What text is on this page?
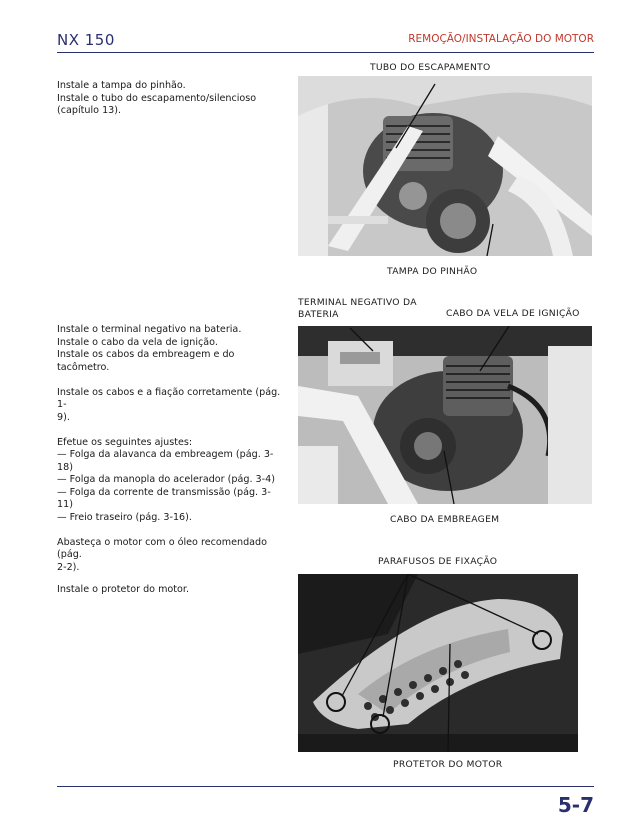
NX 150	REMOÇÃO/INSTALAÇÃO DO MOTOR
Instale a tampa do pinhão.
Instale o tubo do escapamento/silencioso
(capítulo 13).
TUBO DO ESCAPAMENTO
TAMPA DO PINHÃO
Instale o terminal negativo na bateria.
Instale o cabo da vela de ignição.
Instale os cabos da embreagem e do tacômetro.
Instale os cabos e a fiação corretamente (pág. 1-
9).
Efetue os seguintes ajustes:
— Folga da alavanca da embreagem (pág. 3-18)
— Folga da manopla do acelerador (pág. 3-4)
— Folga da corrente de transmissão (pág. 3-11)
— Freio traseiro (pág. 3-16).
Abasteça o motor com o óleo recomendado (pág.
2-2).
TERMINAL NEGATIVO DA BATERIA	CABO DA VELA DE IGNIÇÃO
CABO DA EMBREAGEM
Instale o protetor do motor.
PARAFUSOS DE FIXAÇÃO
PROTETOR DO MOTOR
5-7
